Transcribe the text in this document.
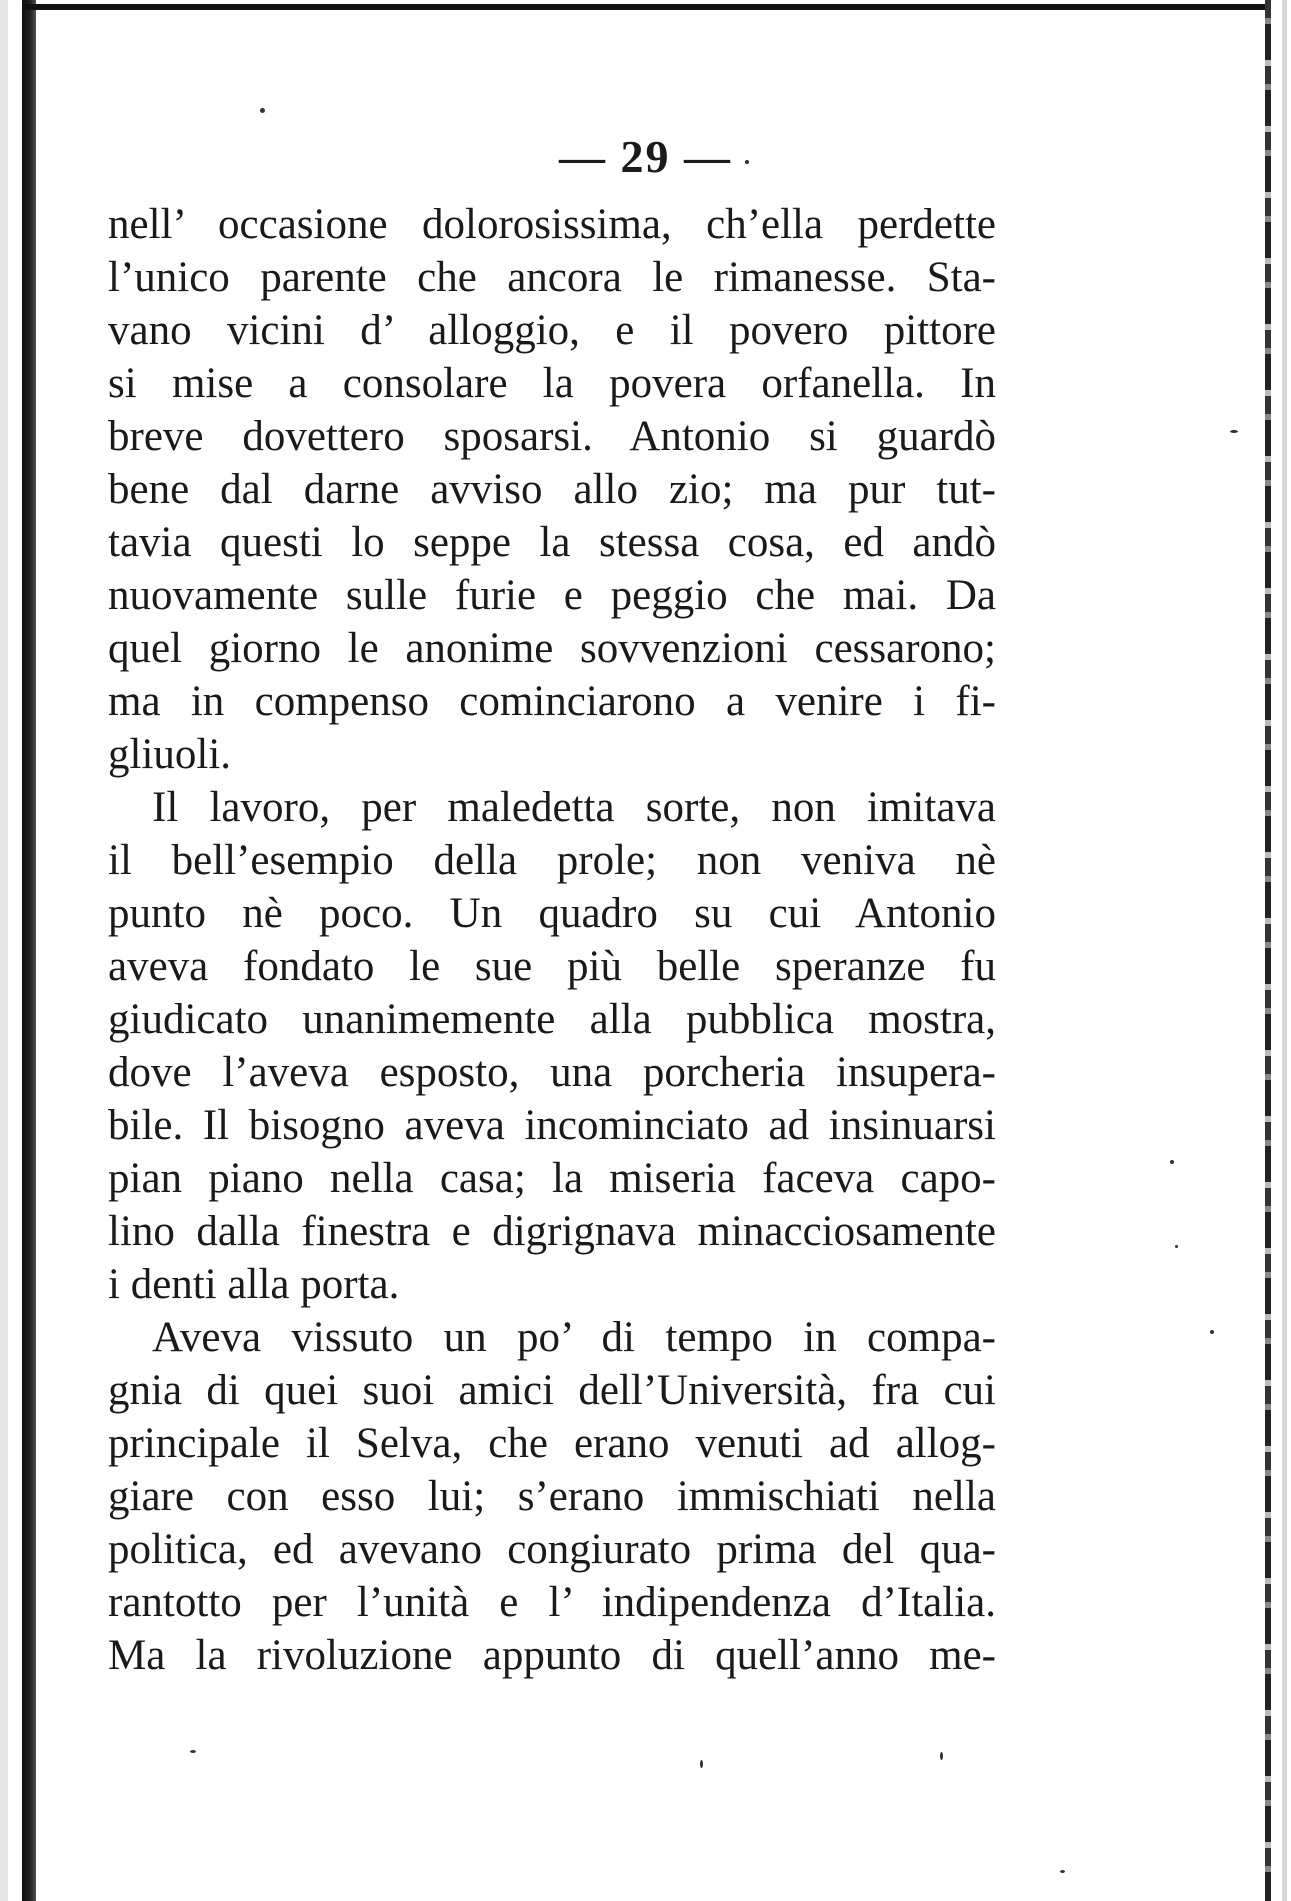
— 29 —
nell’ occasione dolorosissima, ch’ella perdette
l’unico parente che ancora le rimanesse. Sta-
vano vicini d’ alloggio, e il povero pittore
si mise a consolare la povera orfanella. In
breve dovettero sposarsi. Antonio si guardò
bene dal darne avviso allo zio; ma pur tut-
tavia questi lo seppe la stessa cosa, ed andò
nuovamente sulle furie e peggio che mai. Da
quel giorno le anonime sovvenzioni cessarono;
ma in compenso cominciarono a venire i fi-
gliuoli.
Il lavoro, per maledetta sorte, non imitava
il bell’esempio della prole; non veniva nè
punto nè poco. Un quadro su cui Antonio
aveva fondato le sue più belle speranze fu
giudicato unanimemente alla pubblica mostra,
dove l’aveva esposto, una porcheria insupera-
bile. Il bisogno aveva incominciato ad insinuarsi
pian piano nella casa; la miseria faceva capo-
lino dalla finestra e digrignava minacciosamente
i denti alla porta.
Aveva vissuto un po’ di tempo in compa-
gnia di quei suoi amici dell’Università, fra cui
principale il Selva, che erano venuti ad allog-
giare con esso lui; s’erano immischiati nella
politica, ed avevano congiurato prima del qua-
rantotto per l’unità e l’ indipendenza d’Italia.
Ma la rivoluzione appunto di quell’anno me-
